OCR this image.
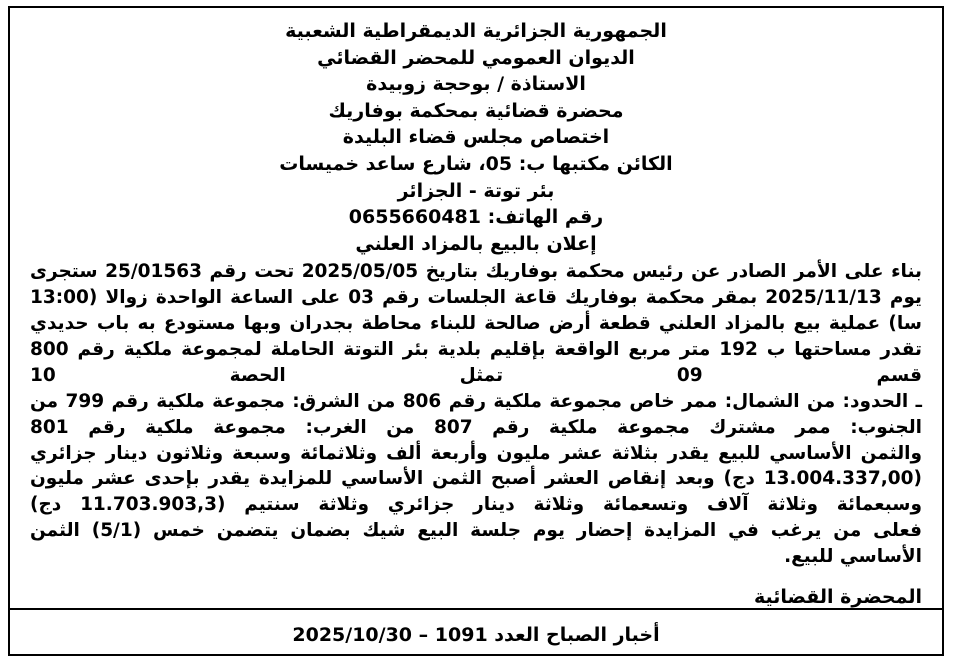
الجمهورية الجزائرية الديمقراطية الشعبية
الديوان العمومي للمحضر القضائي
الاستاذة / بوحجة زوبيدة
محضرة قضائية بمحكمة بوفاريك
اختصاص مجلس قضاء البليدة
الكائن مكتبها ب: 05، شارع ساعد خميسات
بئر توتة - الجزائر
رقم الهاتف: 0655660481
إعلان بالبيع بالمزاد العلني

بناء على الأمر الصادر عن رئيس محكمة بوفاريك بتاريخ 2025/05/05 تحت رقم 25/01563 ستجرى يوم 2025/11/13 بمقر محكمة بوفاريك قاعة الجلسات رقم 03 على الساعة الواحدة زوالا (13:00 سا) عملية بيع بالمزاد العلني قطعة أرض صالحة للبناء محاطة بجدران وبها مستودع به باب حديدي تقدر مساحتها ب 192 متر مربع الواقعة بإقليم بلدية بئر التوتة الحاملة لمجموعة ملكية رقم 800 قسم 09 تمثل الحصة 10

ـ الحدود: من الشمال: ممر خاص مجموعة ملكية رقم 806 من الشرق: مجموعة ملكية رقم 799 من الجنوب: ممر مشترك مجموعة ملكية رقم 807 من الغرب: مجموعة ملكية رقم 801

والثمن الأساسي للبيع يقدر بثلاثة عشر مليون وأربعة ألف وثلاثمائة وسبعة وثلاثون دينار جزائري (13.004.337,00 دج) وبعد إنقاص العشر أصبح الثمن الأساسي للمزايدة يقدر بإحدى عشر مليون وسبعمائة وثلاثة آلاف وتسعمائة وثلاثة دينار جزائري وثلاثة سنتيم (11.703.903,3 دج)

فعلى من يرغب في المزايدة إحضار يوم جلسة البيع شيك بضمان يتضمن خمس (5/1) الثمن الأساسي للبيع.

المحضرة القضائية
أخبار الصباح العدد 1091 – 2025/10/30
